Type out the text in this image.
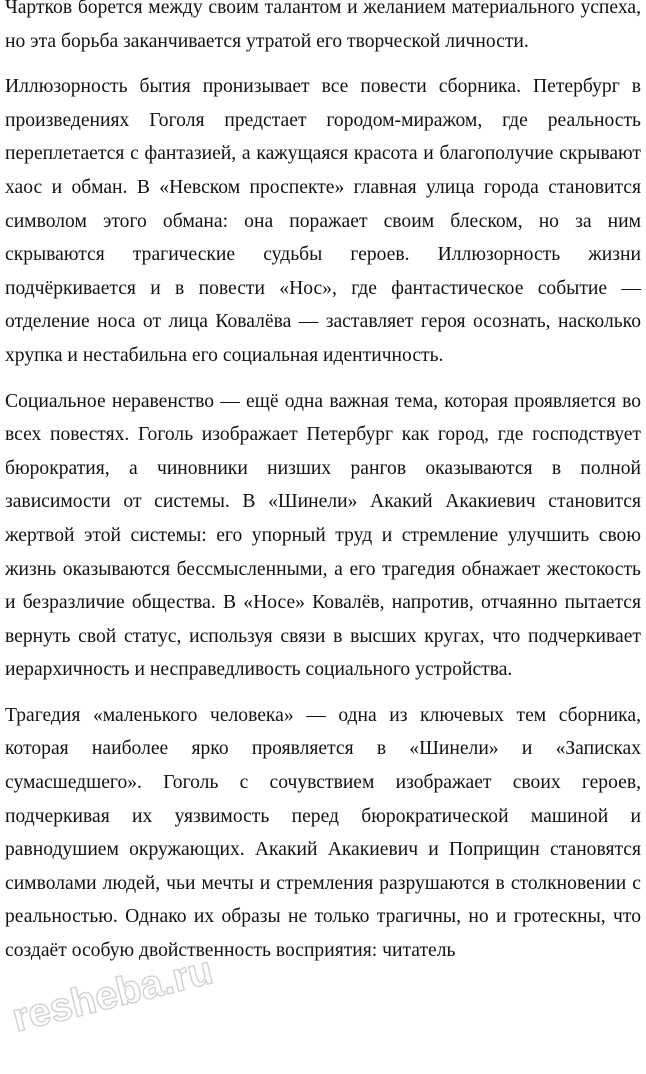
Чартков борется между своим талантом и желанием материального успеха, но эта борьба заканчивается утратой его творческой личности.

Иллюзорность бытия пронизывает все повести сборника. Петербург в произведениях Гоголя предстает городом-миражом, где реальность переплетается с фантазией, а кажущаяся красота и благополучие скрывают хаос и обман. В «Невском проспекте» главная улица города становится символом этого обмана: она поражает своим блеском, но за ним скрываются трагические судьбы героев. Иллюзорность жизни подчёркивается и в повести «Нос», где фантастическое событие — отделение носа от лица Ковалёва — заставляет героя осознать, насколько хрупка и нестабильна его социальная идентичность.

Социальное неравенство — ещё одна важная тема, которая проявляется во всех повестях. Гоголь изображает Петербург как город, где господствует бюрократия, а чиновники низших рангов оказываются в полной зависимости от системы. В «Шинели» Акакий Акакиевич становится жертвой этой системы: его упорный труд и стремление улучшить свою жизнь оказываются бессмысленными, а его трагедия обнажает жестокость и безразличие общества. В «Носе» Ковалёв, напротив, отчаянно пытается вернуть свой статус, используя связи в высших кругах, что подчеркивает иерархичность и несправедливость социального устройства.

Трагедия «маленького человека» — одна из ключевых тем сборника, которая наиболее ярко проявляется в «Шинели» и «Записках сумасшедшего». Гоголь с сочувствием изображает своих героев, подчеркивая их уязвимость перед бюрократической машиной и равнодушием окружающих. Акакий Акакиевич и Поприщин становятся символами людей, чьи мечты и стремления разрушаются в столкновении с реальностью. Однако их образы не только трагичны, но и гротескны, что создаёт особую двойственность восприятия: читатель

resheba.ru
